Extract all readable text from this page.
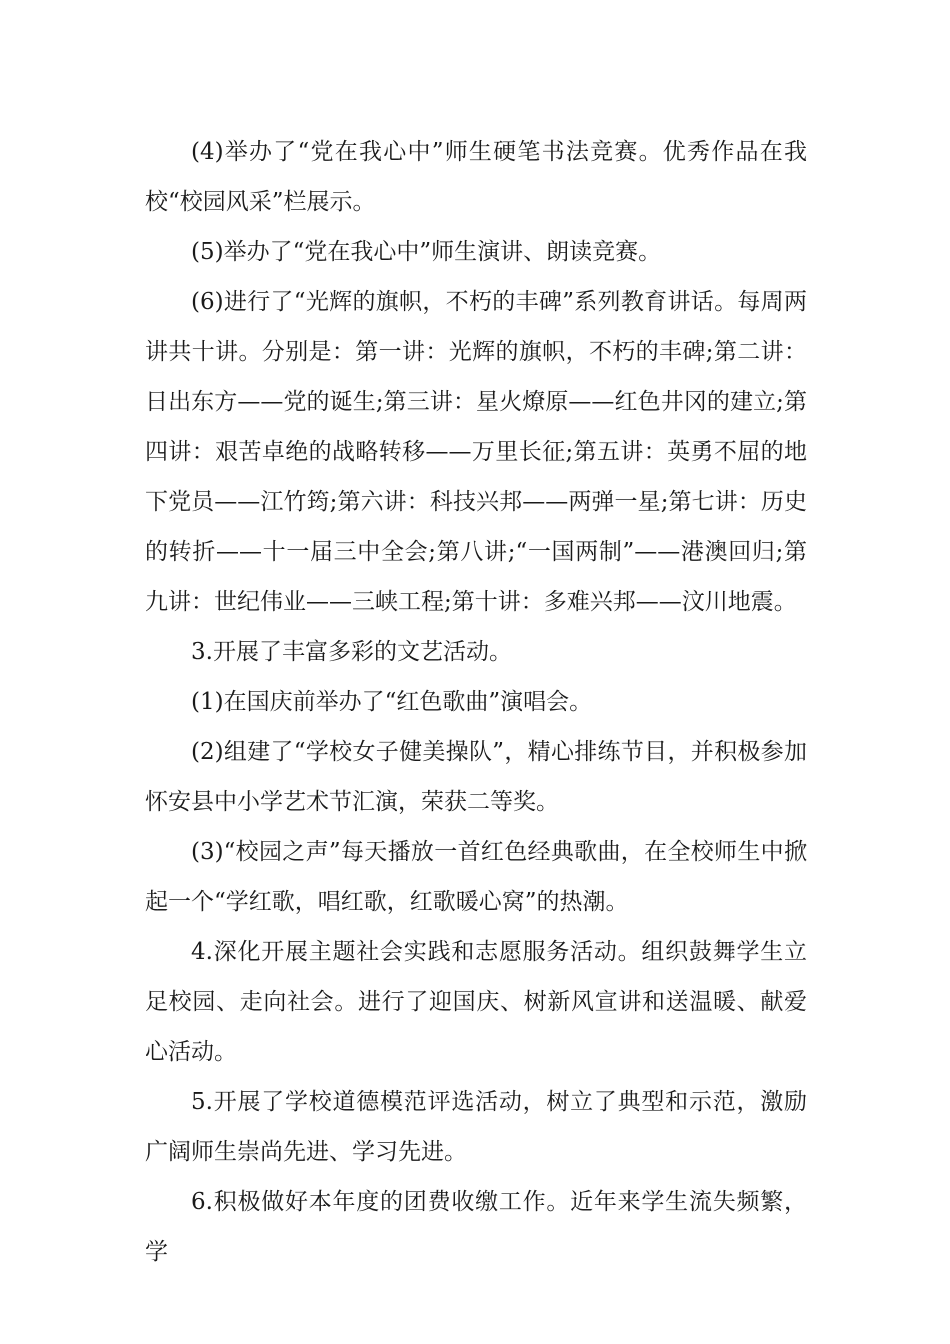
(4)举办了“党在我心中”师生硬笔书法竞赛。优秀作品在我校“校园风采”栏展示。

(5)举办了“党在我心中”师生演讲、朗读竞赛。

(6)进行了“光辉的旗帜，不朽的丰碑”系列教育讲话。每周两讲共十讲。分别是：第一讲：光辉的旗帜，不朽的丰碑;第二讲：日出东方——党的诞生;第三讲：星火燎原——红色井冈的建立;第四讲：艰苦卓绝的战略转移——万里长征;第五讲：英勇不屈的地下党员——江竹筠;第六讲：科技兴邦——两弹一星;第七讲：历史的转折——十一届三中全会;第八讲;“一国两制”——港澳回归;第九讲：世纪伟业——三峡工程;第十讲：多难兴邦——汶川地震。

3.开展了丰富多彩的文艺活动。

(1)在国庆前举办了“红色歌曲”演唱会。

(2)组建了“学校女子健美操队”，精心排练节目，并积极参加怀安县中小学艺术节汇演，荣获二等奖。

(3)“校园之声”每天播放一首红色经典歌曲，在全校师生中掀起一个“学红歌，唱红歌，红歌暖心窝”的热潮。

4.深化开展主题社会实践和志愿服务活动。组织鼓舞学生立足校园、走向社会。进行了迎国庆、树新风宣讲和送温暖、献爱心活动。

5.开展了学校道德模范评选活动，树立了典型和示范，激励广阔师生崇尚先进、学习先进。

6.积极做好本年度的团费收缴工作。近年来学生流失频繁，学
